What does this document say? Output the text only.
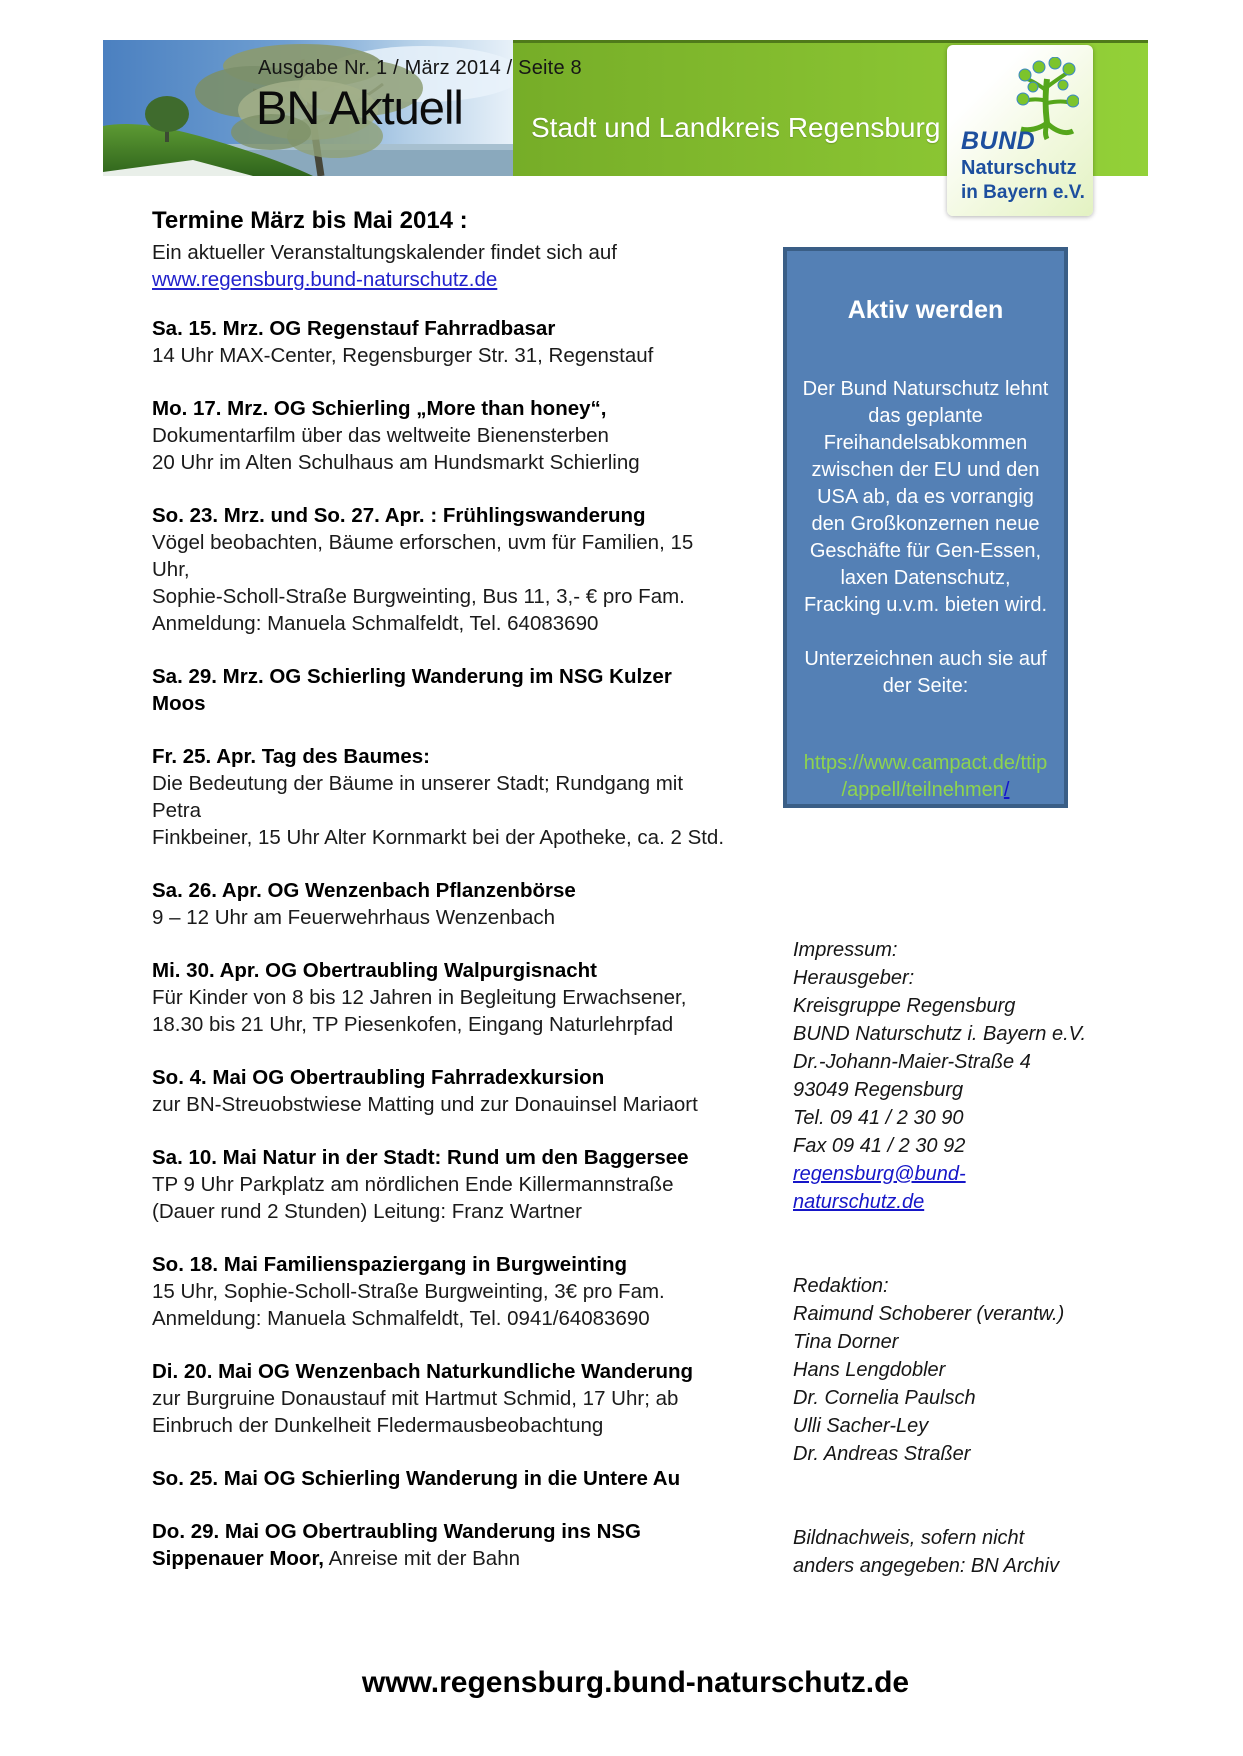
Ausgabe Nr. 1 / März 2014 / Seite 8
BN Aktuell Stadt und Landkreis Regensburg BUND
Naturschutz
in Bayern e.V.
Termine März bis Mai 2014 :

Ein aktueller Veranstaltungskalender findet sich auf
www.regensburg.bund-naturschutz.de

Sa. 15. Mrz. OG Regenstauf Fahrradbasar
14 Uhr MAX-Center, Regensburger Str. 31, Regenstauf
Mo. 17. Mrz. OG Schierling „More than honey“,
Dokumentarfilm über das weltweite Bienensterben
20 Uhr im Alten Schulhaus am Hundsmarkt Schierling
So. 23. Mrz. und So. 27. Apr. : Frühlingswanderung
Vögel beobachten, Bäume erforschen, uvm für Familien, 15 Uhr,
Sophie-Scholl-Straße Burgweinting, Bus 11, 3,- € pro Fam.
Anmeldung: Manuela Schmalfeldt, Tel. 64083690
Sa. 29. Mrz. OG Schierling Wanderung im NSG Kulzer Moos
Fr. 25. Apr. Tag des Baumes:
Die Bedeutung der Bäume in unserer Stadt; Rundgang mit Petra
Finkbeiner, 15 Uhr Alter Kornmarkt bei der Apotheke, ca. 2 Std.
Sa. 26. Apr. OG Wenzenbach Pflanzenbörse
9 – 12 Uhr am Feuerwehrhaus Wenzenbach
Mi. 30. Apr. OG Obertraubling Walpurgisnacht
Für Kinder von 8 bis 12 Jahren in Begleitung Erwachsener,
18.30 bis 21 Uhr, TP Piesenkofen, Eingang Naturlehrpfad
So. 4. Mai OG Obertraubling Fahrradexkursion
zur BN-Streuobstwiese Matting und zur Donauinsel Mariaort
Sa. 10. Mai Natur in der Stadt: Rund um den Baggersee
TP 9 Uhr Parkplatz am nördlichen Ende Killermannstraße
(Dauer rund 2 Stunden) Leitung: Franz Wartner
So. 18. Mai Familienspaziergang in Burgweinting
15 Uhr, Sophie-Scholl-Straße Burgweinting, 3€ pro Fam.
Anmeldung: Manuela Schmalfeldt, Tel. 0941/64083690
Di. 20. Mai OG Wenzenbach Naturkundliche Wanderung
zur Burgruine Donaustauf mit Hartmut Schmid, 17 Uhr; ab
Einbruch der Dunkelheit Fledermausbeobachtung
So. 25. Mai OG Schierling Wanderung in die Untere Au
Do. 29. Mai OG Obertraubling Wanderung ins NSG Sippenauer Moor, Anreise mit der Bahn
Aktiv werden

Der Bund Naturschutz lehnt das geplante Freihandelsabkommen zwischen der EU und den USA ab, da es vorrangig den Großkonzernen neue Geschäfte für Gen-Essen, laxen Datenschutz, Fracking u.v.m. bieten wird.

Unterzeichnen auch sie auf der Seite:

https://www.campact.de/ttip
/appell/teilnehmen/

Impressum:
Herausgeber:
Kreisgruppe Regensburg
BUND Naturschutz i. Bayern e.V.
Dr.-Johann-Maier-Straße 4
93049 Regensburg
Tel. 09 41 / 2 30 90
Fax 09 41 / 2 30 92
regensburg@bund-
naturschutz.de
Redaktion:
Raimund Schoberer (verantw.)
Tina Dorner
Hans Lengdobler
Dr. Cornelia Paulsch
Ulli Sacher-Ley
Dr. Andreas Straßer
Bildnachweis, sofern nicht
anders angegeben: BN Archiv
www.regensburg.bund-naturschutz.de
